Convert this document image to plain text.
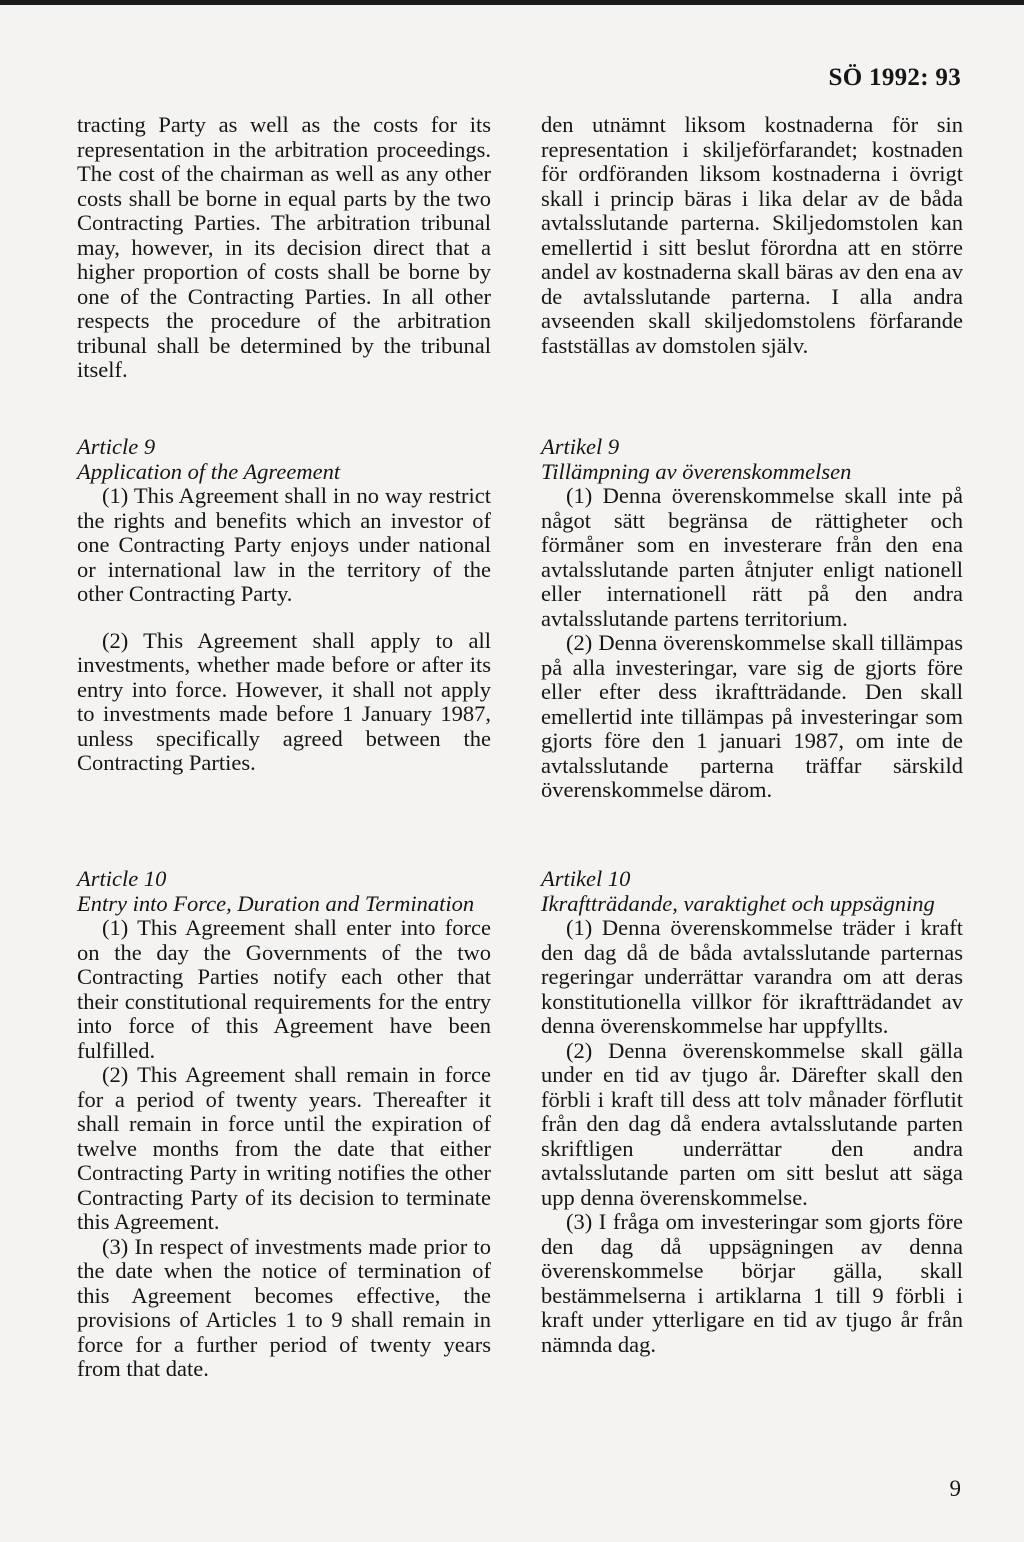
SÖ 1992: 93
tracting Party as well as the costs for its representation in the arbitration proceedings. The cost of the chairman as well as any other costs shall be borne in equal parts by the two Contracting Parties. The arbitration tribunal may, however, in its decision direct that a higher proportion of costs shall be borne by one of the Contracting Parties. In all other respects the procedure of the arbitration tribunal shall be determined by the tribunal itself.

Article 9

Application of the Agreement

(1) This Agreement shall in no way restrict the rights and benefits which an investor of one Contracting Party enjoys under national or international law in the territory of the other Contracting Party.

(2) This Agreement shall apply to all investments, whether made before or after its entry into force. However, it shall not apply to investments made before 1 January 1987, unless specifically agreed between the Contracting Parties.

Article 10

Entry into Force, Duration and Termination

(1) This Agreement shall enter into force on the day the Governments of the two Contracting Parties notify each other that their constitutional requirements for the entry into force of this Agreement have been fulfilled.

(2) This Agreement shall remain in force for a period of twenty years. Thereafter it shall remain in force until the expiration of twelve months from the date that either Contracting Party in writing notifies the other Contracting Party of its decision to terminate this Agreement.

(3) In respect of investments made prior to the date when the notice of termination of this Agreement becomes effective, the provisions of Articles 1 to 9 shall remain in force for a further period of twenty years from that date.

den utnämnt liksom kostnaderna för sin representation i skiljeförfarandet; kostnaden för ordföranden liksom kostnaderna i övrigt skall i princip bäras i lika delar av de båda avtalsslutande parterna. Skiljedomstolen kan emellertid i sitt beslut förordna att en större andel av kostnaderna skall bäras av den ena av de avtalsslutande parterna. I alla andra avseenden skall skiljedomstolens förfarande fastställas av domstolen själv.

Artikel 9

Tillämpning av överenskommelsen

(1) Denna överenskommelse skall inte på något sätt begränsa de rättigheter och förmåner som en investerare från den ena avtalsslutande parten åtnjuter enligt nationell eller internationell rätt på den andra avtalsslutande partens territorium.

(2) Denna överenskommelse skall tillämpas på alla investeringar, vare sig de gjorts före eller efter dess ikraftträdande. Den skall emellertid inte tillämpas på investeringar som gjorts före den 1 januari 1987, om inte de avtalsslutande parterna träffar särskild överenskommelse därom.

Artikel 10

Ikraftträdande, varaktighet och uppsägning

(1) Denna överenskommelse träder i kraft den dag då de båda avtalsslutande parternas regeringar underrättar varandra om att deras konstitutionella villkor för ikraftträdandet av denna överenskommelse har uppfyllts.

(2) Denna överenskommelse skall gälla under en tid av tjugo år. Därefter skall den förbli i kraft till dess att tolv månader förflutit från den dag då endera avtalsslutande parten skriftligen underrättar den andra avtalsslutande parten om sitt beslut att säga upp denna överenskommelse.

(3) I fråga om investeringar som gjorts före den dag då uppsägningen av denna överenskommelse börjar gälla, skall bestämmelserna i artiklarna 1 till 9 förbli i kraft under ytterligare en tid av tjugo år från nämnda dag.

9
